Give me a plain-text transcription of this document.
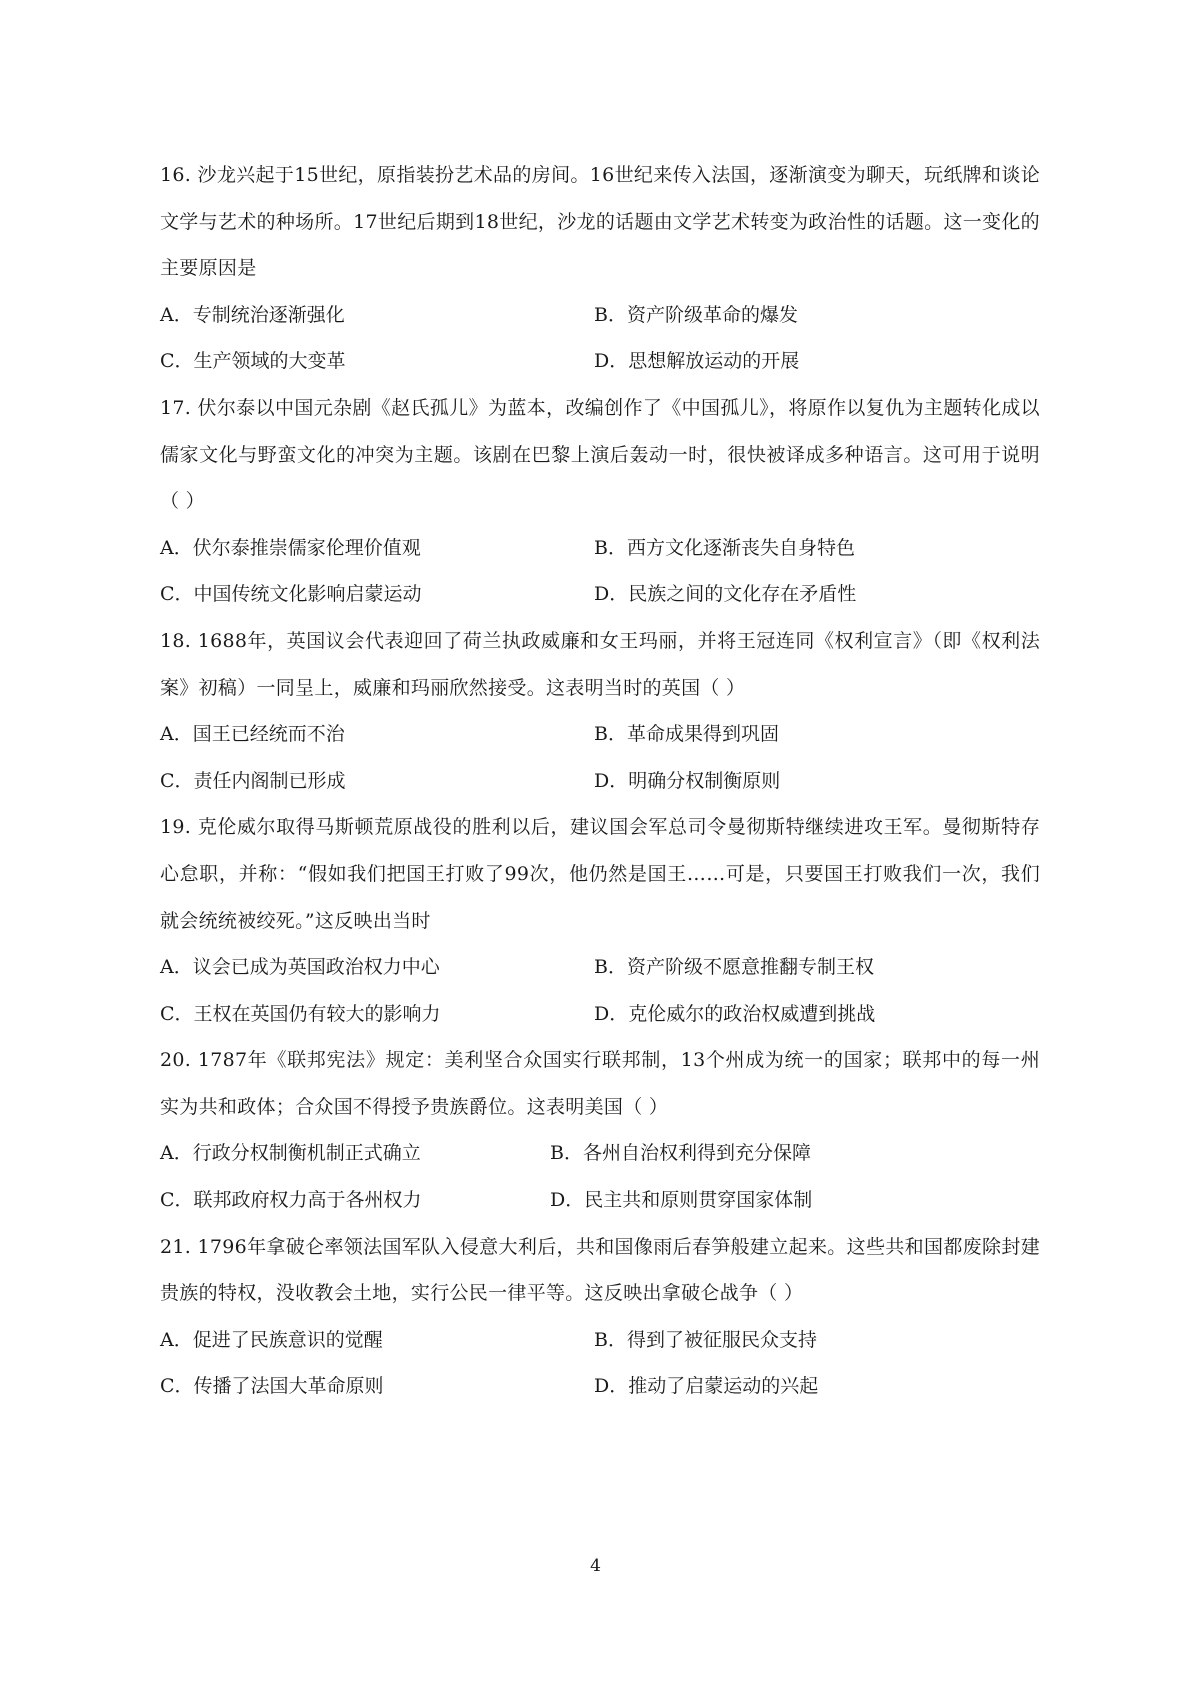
16. 沙龙兴起于15世纪，原指装扮艺术品的房间。16世纪来传入法国，逐渐演变为聊天，玩纸牌和谈论文学与艺术的种场所。17世纪后期到18世纪，沙龙的话题由文学艺术转变为政治性的话题。这一变化的主要原因是

A．专制统治逐渐强化	B．资产阶级革命的爆发
C．生产领域的大变革	D．思想解放运动的开展

17. 伏尔泰以中国元杂剧《赵氏孤儿》为蓝本，改编创作了《中国孤儿》，将原作以复仇为主题转化成以儒家文化与野蛮文化的冲突为主题。该剧在巴黎上演后轰动一时，很快被译成多种语言。这可用于说明（ ）

A．伏尔泰推崇儒家伦理价值观	B．西方文化逐渐丧失自身特色
C．中国传统文化影响启蒙运动	D．民族之间的文化存在矛盾性

18. 1688年，英国议会代表迎回了荷兰执政威廉和女王玛丽，并将王冠连同《权利宣言》（即《权利法案》初稿）一同呈上，威廉和玛丽欣然接受。这表明当时的英国（ ）

A．国王已经统而不治	B．革命成果得到巩固
C．责任内阁制已形成	D．明确分权制衡原则

19. 克伦威尔取得马斯顿荒原战役的胜利以后，建议国会军总司令曼彻斯特继续进攻王军。曼彻斯特存心怠职，并称：“假如我们把国王打败了99次，他仍然是国王……可是，只要国王打败我们一次，我们就会统统被绞死。”这反映出当时

A．议会已成为英国政治权力中心	B．资产阶级不愿意推翻专制王权
C．王权在英国仍有较大的影响力	D．克伦威尔的政治权威遭到挑战

20. 1787年《联邦宪法》规定：美利坚合众国实行联邦制，13个州成为统一的国家；联邦中的每一州实为共和政体；合众国不得授予贵族爵位。这表明美国（ ）

A．行政分权制衡机制正式确立	B．各州自治权利得到充分保障
C．联邦政府权力高于各州权力	D．民主共和原则贯穿国家体制

21. 1796年拿破仑率领法国军队入侵意大利后，共和国像雨后春笋般建立起来。这些共和国都废除封建贵族的特权，没收教会土地，实行公民一律平等。这反映出拿破仑战争（ ）

A．促进了民族意识的觉醒	B．得到了被征服民众支持
C．传播了法国大革命原则	D．推动了启蒙运动的兴起
4
